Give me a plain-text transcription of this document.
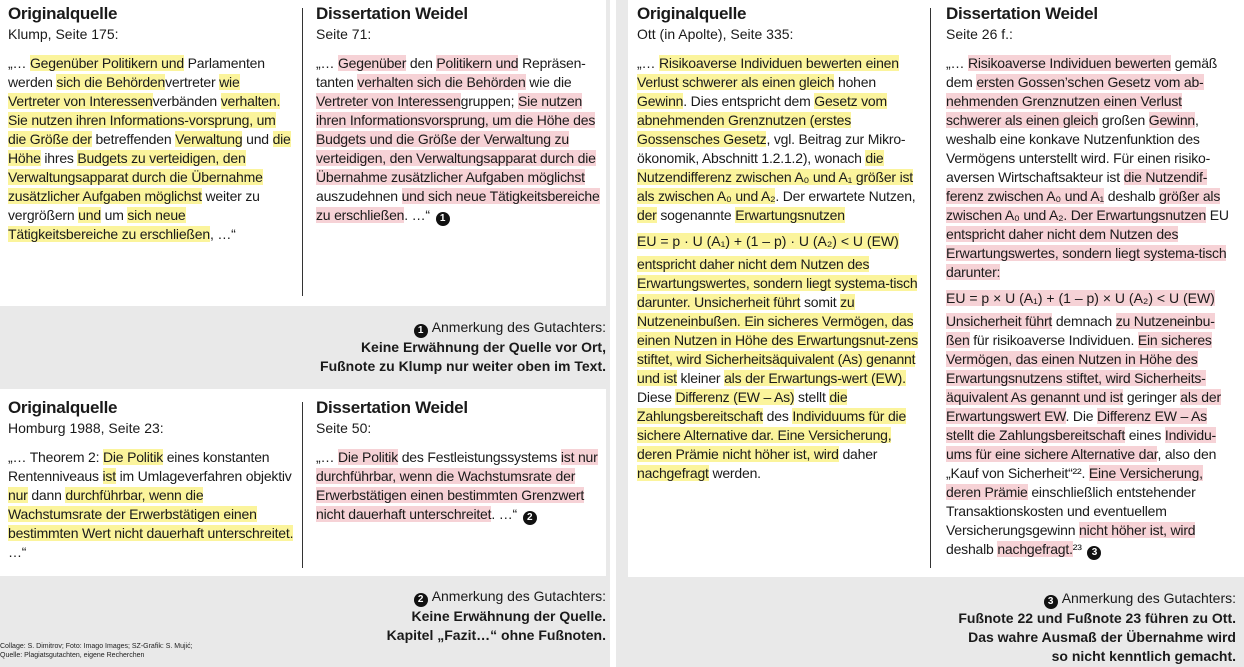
Originalquelle
Klump, Seite 175:
„… Gegenüber Politikern und Parlamenten werden sich die Behördenvertreter wie Vertreter von Interessenverbänden verhalten. Sie nutzen ihren Informations-vorsprung, um die Größe der betreffenden Verwaltung und die Höhe ihres Budgets zu verteidigen, den Verwaltungsapparat durch die Übernahme zusätzlicher Aufgaben möglichst weiter zu vergrößern und um sich neue Tätigkeitsbereiche zu erschließen, …“
Dissertation Weidel
Seite 71:
„… Gegenüber den Politikern und Repräsen-tanten verhalten sich die Behörden wie die Vertreter von Interessengruppen; Sie nutzen ihren Informationsvorsprung, um die Höhe des Budgets und die Größe der Verwaltung zu verteidigen, den Verwaltungsapparat durch die Übernahme zusätzlicher Aufgaben möglichst auszudehnen und sich neue Tätigkeitsbereiche zu erschließen. …“ 1
1 Anmerkung des Gutachters:
Keine Erwähnung der Quelle vor Ort,
Fußnote zu Klump nur weiter oben im Text.
Originalquelle
Homburg 1988, Seite 23:
„… Theorem 2: Die Politik eines konstanten Rentenniveaus ist im Umlageverfahren objektiv nur dann durchführbar, wenn die Wachstumsrate der Erwerbstätigen einen bestimmten Wert nicht dauerhaft unterschreitet. …“
Dissertation Weidel
Seite 50:
„… Die Politik des Festleistungssystems ist nur durchführbar, wenn die Wachstumsrate der Erwerbstätigen einen bestimmten Grenzwert nicht dauerhaft unterschreitet. …“ 2
2 Anmerkung des Gutachters:
Keine Erwähnung der Quelle.
Kapitel „Fazit…“ ohne Fußnoten.
Originalquelle
Ott (in Apolte), Seite 335:
„… Risikoaverse Individuen bewerten einen Verlust schwerer als einen gleich hohen Gewinn. Dies entspricht dem Gesetz vom abnehmenden Grenznutzen (erstes Gossensches Gesetz, vgl. Beitrag zur Mikro-ökonomik, Abschnitt 1.2.1.2), wonach die Nutzendifferenz zwischen A₀ und A₁ größer ist als zwischen A₀ und A₂. Der erwartete Nutzen, der sogenannte Erwartungsnutzen
EU = p · U (A₁) + (1 – p) · U (A₂) < U (EW)
entspricht daher nicht dem Nutzen des Erwartungswertes, sondern liegt systema-tisch darunter. Unsicherheit führt somit zu Nutzeneinbußen. Ein sicheres Vermögen, das einen Nutzen in Höhe des Erwartungsnut-zens stiftet, wird Sicherheitsäquivalent (As) genannt und ist kleiner als der Erwartungs-wert (EW). Diese Differenz (EW – As) stellt die Zahlungsbereitschaft des Individuums für die sichere Alternative dar. Eine Versicherung, deren Prämie nicht höher ist, wird daher nachgefragt werden.
Dissertation Weidel
Seite 26 f.:
„… Risikoaverse Individuen bewerten gemäß dem ersten Gossen’schen Gesetz vom ab-nehmenden Grenznutzen einen Verlust schwerer als einen gleich großen Gewinn, weshalb eine konkave Nutzenfunktion des Vermögens unterstellt wird. Für einen risiko-aversen Wirtschaftsakteur ist die Nutzendif-ferenz zwischen A₀ und A₁ deshalb größer als zwischen A₀ und A₂. Der Erwartungsnutzen EU entspricht daher nicht dem Nutzen des Erwartungswertes, sondern liegt systema-tisch darunter:
EU = p × U (A₁) + (1 – p) × U (A₂) < U (EW)
Unsicherheit führt demnach zu Nutzeneinbu-ßen für risikoaverse Individuen. Ein sicheres Vermögen, das einen Nutzen in Höhe des Erwartungsnutzens stiftet, wird Sicherheits-äquivalent As genannt und ist geringer als der Erwartungswert EW. Die Differenz EW – As stellt die Zahlungsbereitschaft eines Individu-ums für eine sichere Alternative dar, also den „Kauf von Sicherheit“²². Eine Versicherung, deren Prämie einschließlich entstehender Transaktionskosten und eventuellem Versicherungsgewinn nicht höher ist, wird deshalb nachgefragt.²³ 3
3 Anmerkung des Gutachters:
Fußnote 22 und Fußnote 23 führen zu Ott.
Das wahre Ausmaß der Übernahme wird
so nicht kenntlich gemacht.
Collage: S. Dimitrov; Foto: Imago Images; SZ-Grafik: S. Mujić;
Quelle: Plagiatsgutachten, eigene Recherchen
